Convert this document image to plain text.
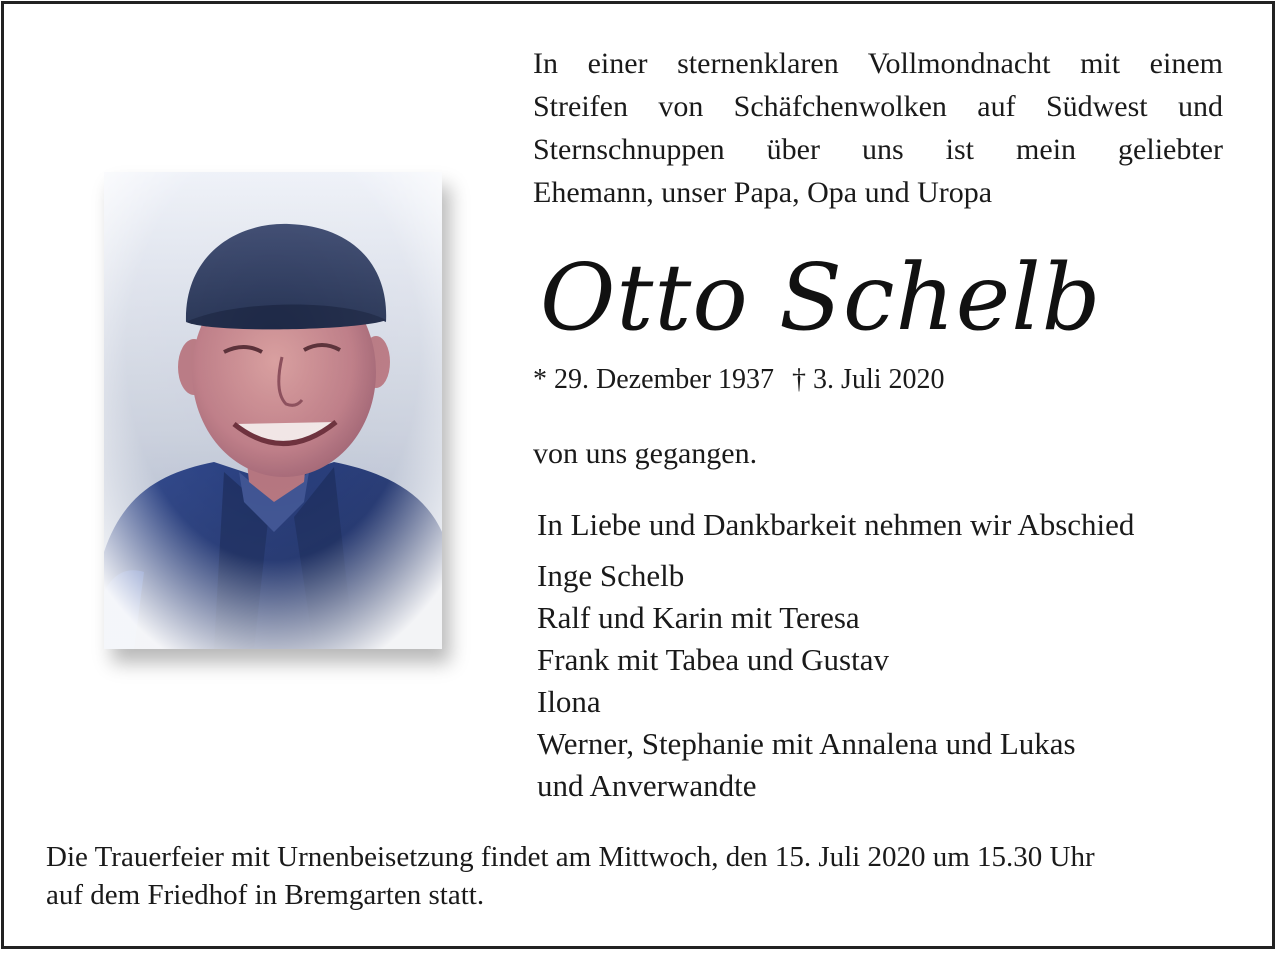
In einer sternenklaren Vollmondnacht mit einem
Streifen von Schäfchenwolken auf Südwest und
Sternschnuppen über uns ist mein geliebter
Ehemann, unser Papa, Opa und Uropa

Otto Schelb
* 29. Dezember 1937 † 3. Juli 2020
von uns gegangen.
In Liebe und Dankbarkeit nehmen wir Abschied
Inge Schelb
Ralf und Karin mit Teresa
Frank mit Tabea und Gustav
Ilona
Werner, Stephanie mit Annalena und Lukas
und Anverwandte
Die Trauerfeier mit Urnenbeisetzung findet am Mittwoch, den 15. Juli 2020 um 15.30 Uhr
auf dem Friedhof in Bremgarten statt.
